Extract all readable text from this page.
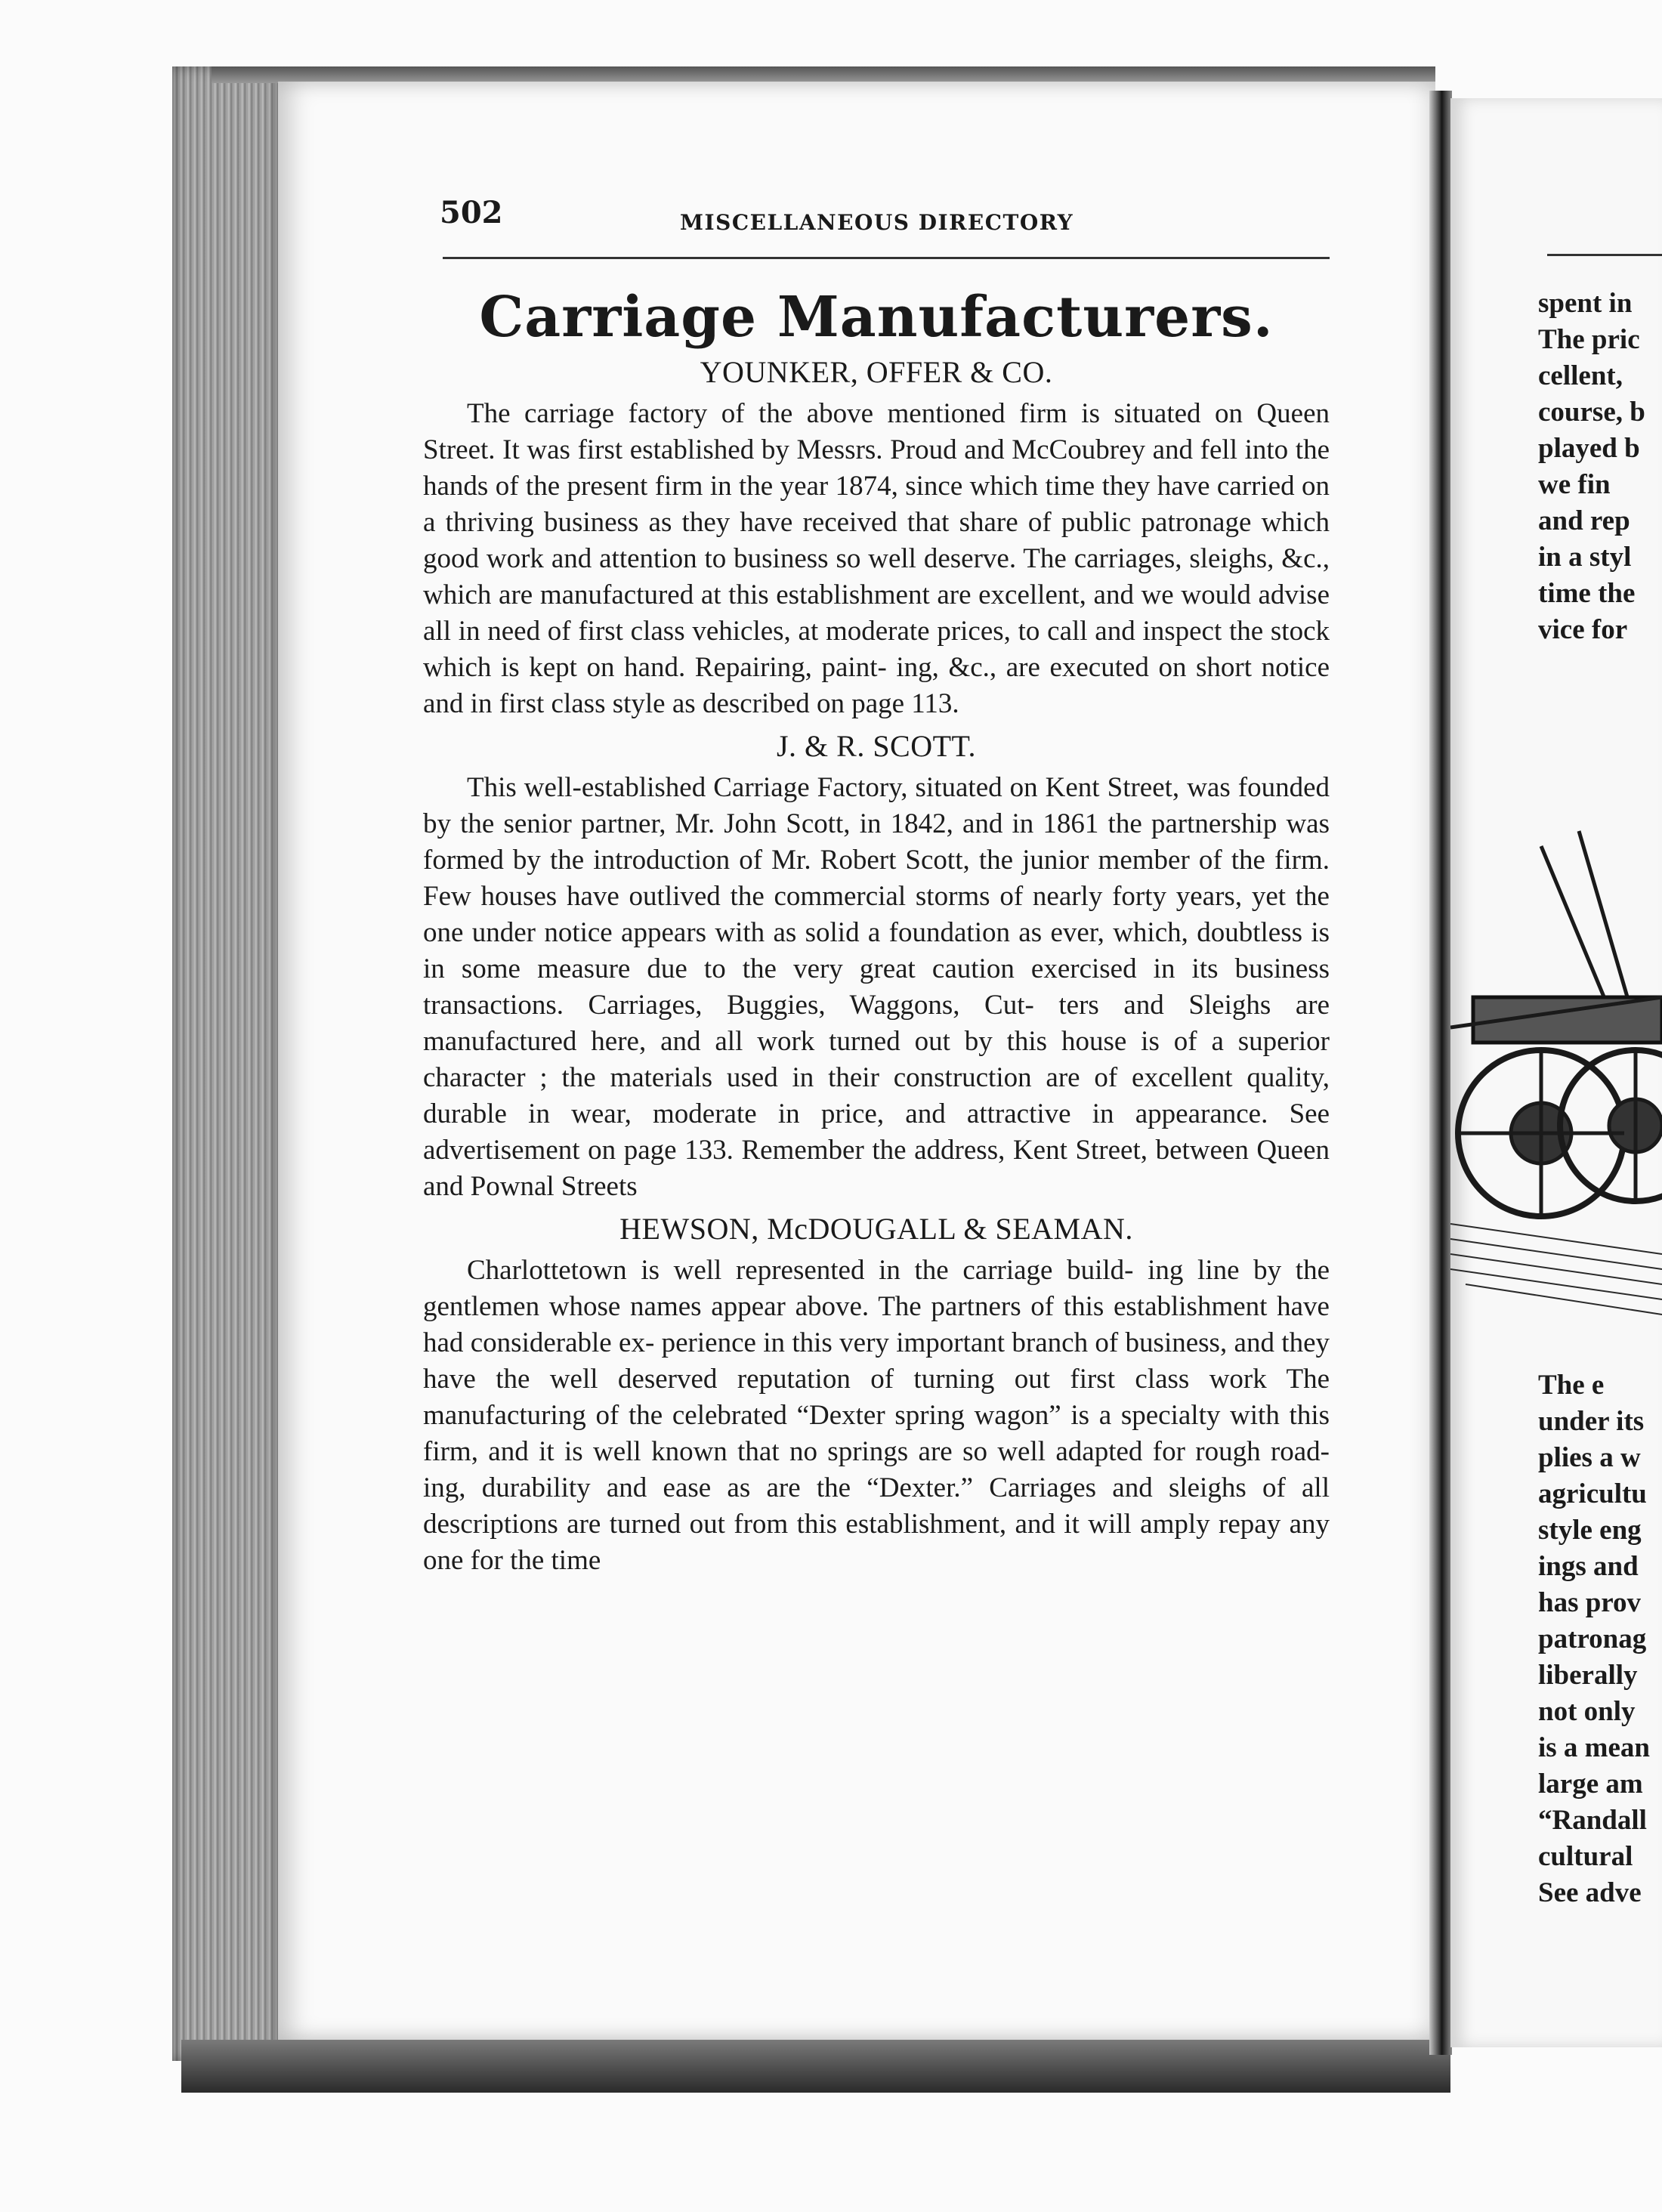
502	MISCELLANEOUS DIRECTORY
Carriage Manufacturers.
YOUNKER, OFFER & CO.

The carriage factory of the above mentioned firm is situated on Queen Street. It was first established by Messrs. Proud and McCoubrey and fell into the hands of the present firm in the year 1874, since which time they have carried on a thriving business as they have received that share of public patronage which good work and attention to business so well deserve. The carriages, sleighs, &c., which are manufactured at this establishment are excellent, and we would advise all in need of first class vehicles, at moderate prices, to call and inspect the stock which is kept on hand. Repairing, paint- ing, &c., are executed on short notice and in first class style as described on page 113.

J. & R. SCOTT.

This well-established Carriage Factory, situated on Kent Street, was founded by the senior partner, Mr. John Scott, in 1842, and in 1861 the partnership was formed by the introduction of Mr. Robert Scott, the junior member of the firm. Few houses have outlived the commercial storms of nearly forty years, yet the one under notice appears with as solid a foundation as ever, which, doubtless is in some measure due to the very great caution exercised in its business transactions. Carriages, Buggies, Waggons, Cut- ters and Sleighs are manufactured here, and all work turned out by this house is of a superior character ; the materials used in their construction are of excellent quality, durable in wear, moderate in price, and attractive in appearance. See advertisement on page 133. Remember the address, Kent Street, between Queen and Pownal Streets

HEWSON, McDOUGALL & SEAMAN.

Charlottetown is well represented in the carriage build- ing line by the gentlemen whose names appear above. The partners of this establishment have had considerable ex- perience in this very important branch of business, and they have the well deserved reputation of turning out first class work The manufacturing of the celebrated “Dexter spring wagon” is a specialty with this firm, and it is well known that no springs are so well adapted for rough road- ing, durability and ease as are the “Dexter.” Carriages and sleighs of all descriptions are turned out from this establishment, and it will amply repay any one for the time

spent in
The pric
cellent,
course, b
played b
we fin
and rep
in a styl
time the
vice for
The e
under its
plies a w
agricultu
style eng
ings and
has prov
patronag
liberally
not only
is a mean
large am
“Randall
cultural
See adve
